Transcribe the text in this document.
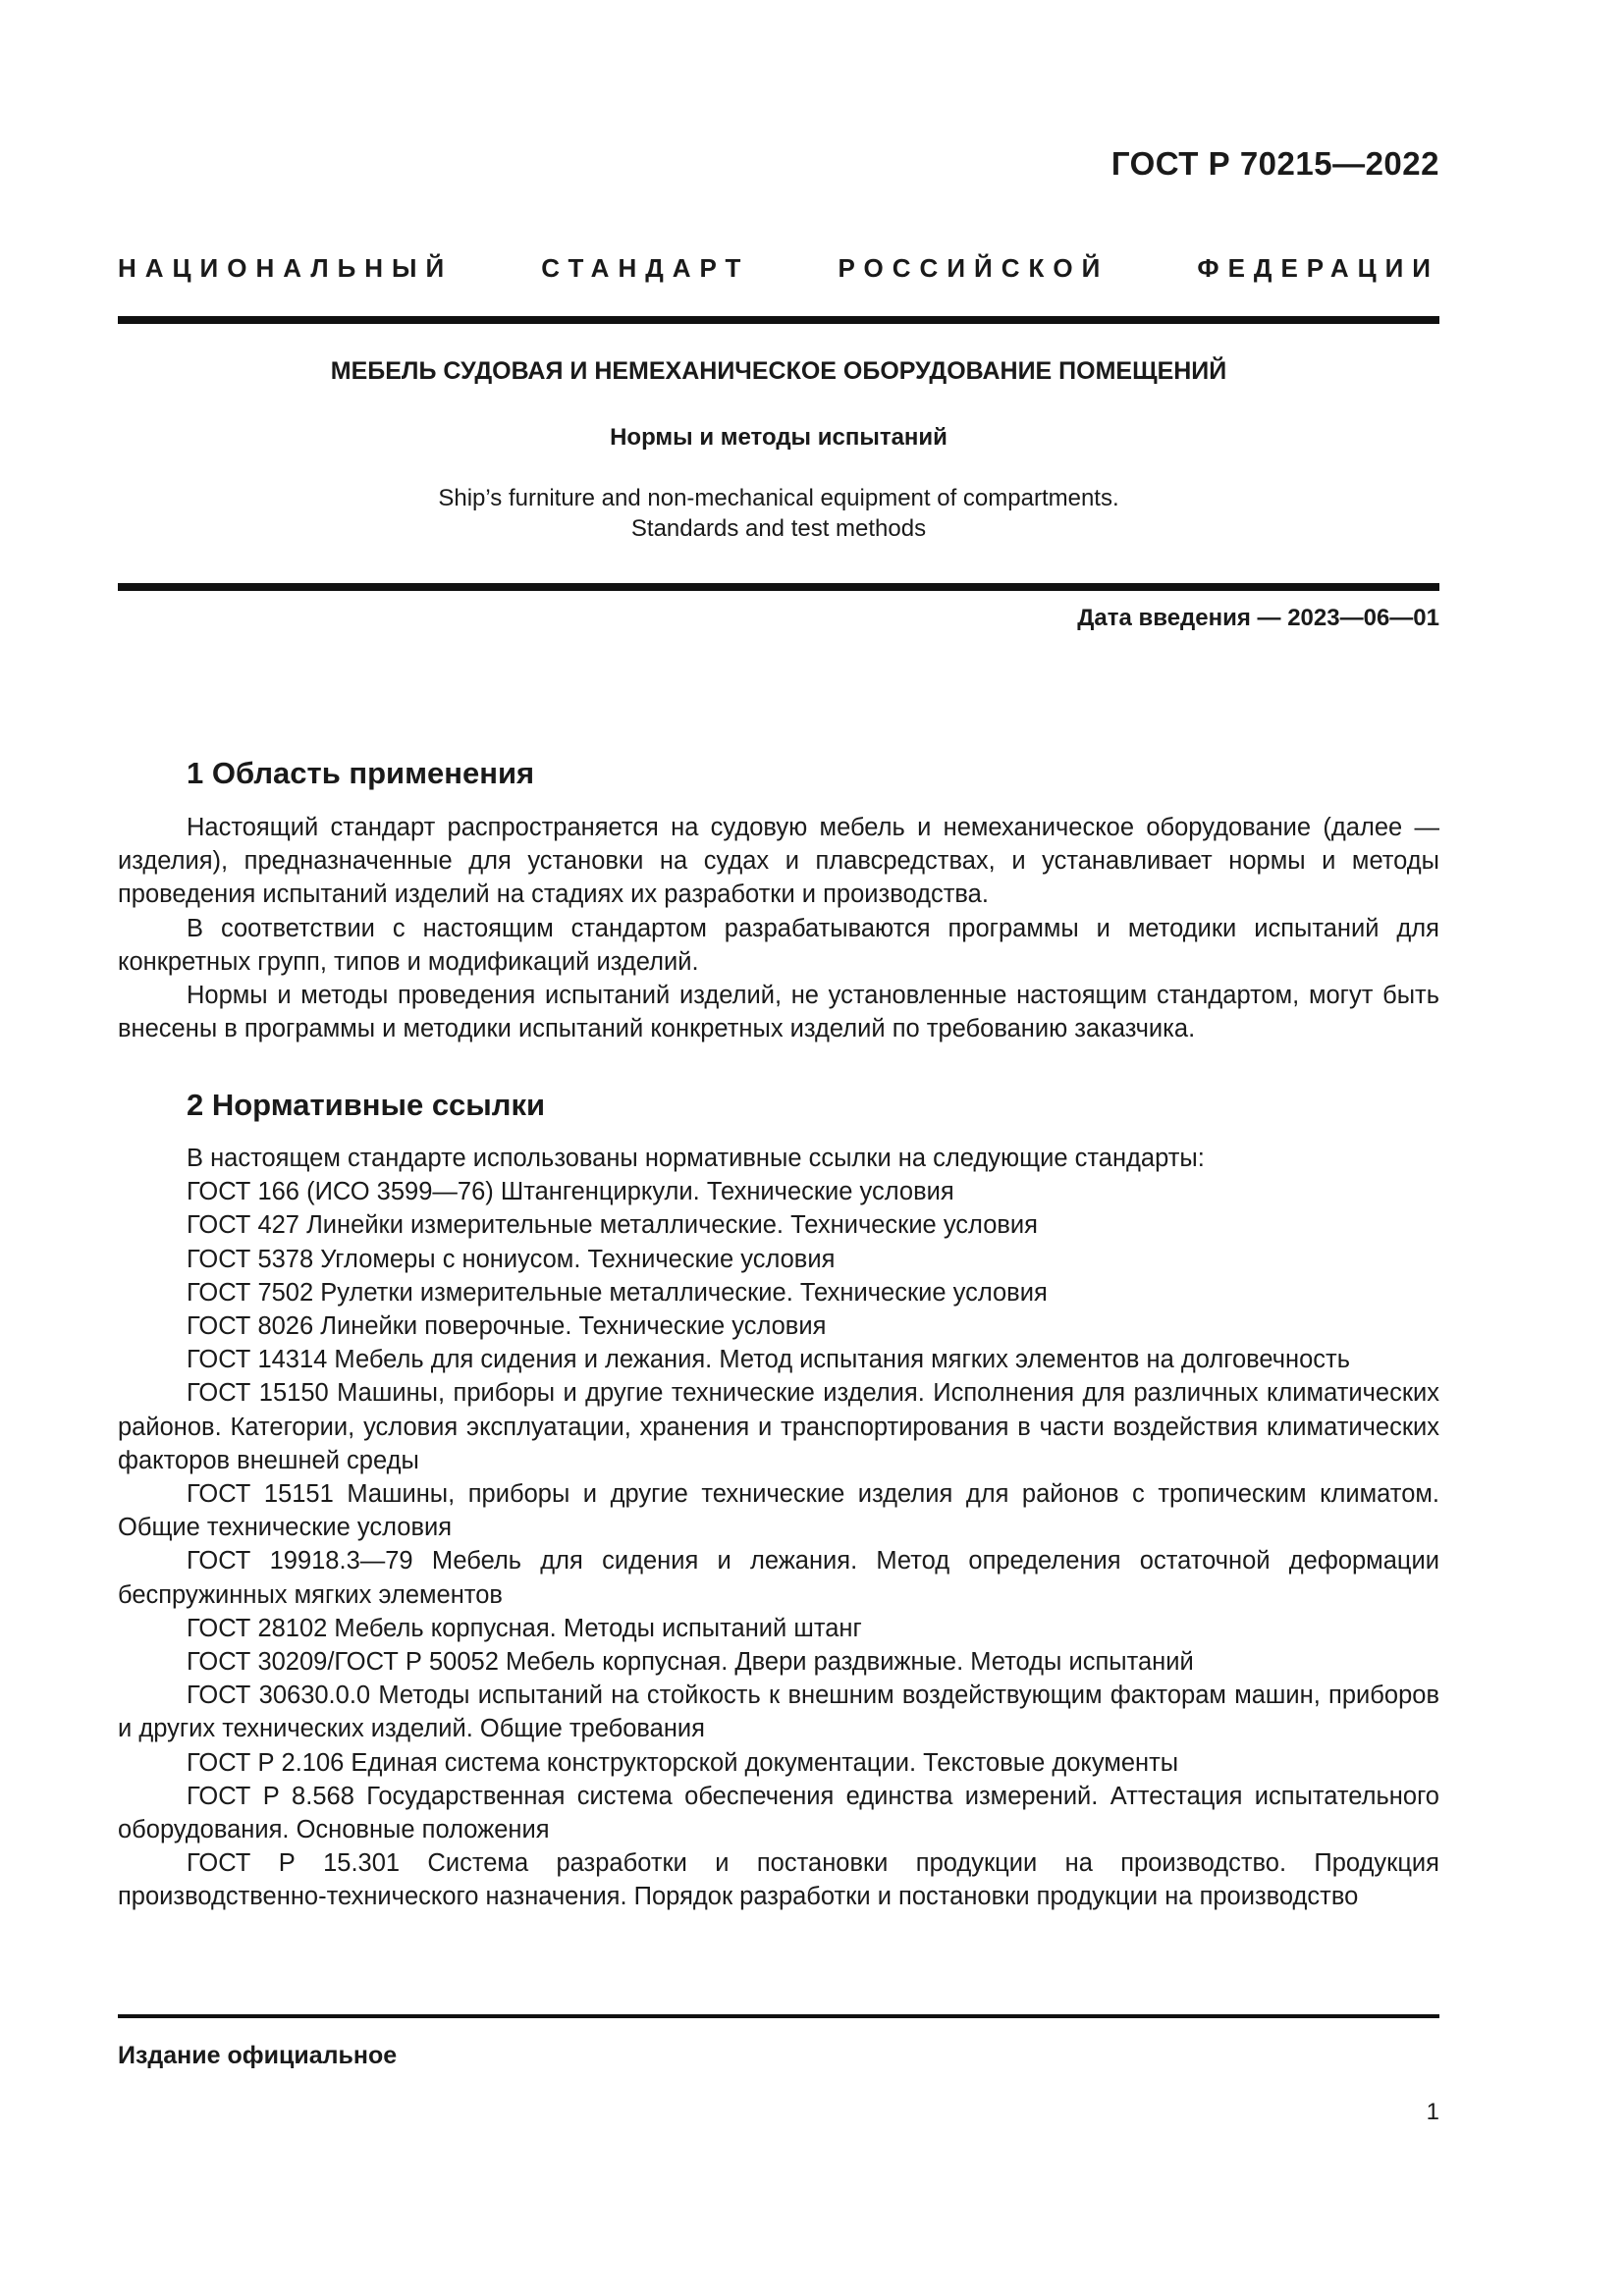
ГОСТ Р 70215—2022
НАЦИОНАЛЬНЫЙ СТАНДАРТ РОССИЙСКОЙ ФЕДЕРАЦИИ
МЕБЕЛЬ СУДОВАЯ И НЕМЕХАНИЧЕСКОЕ ОБОРУДОВАНИЕ ПОМЕЩЕНИЙ
Нормы и методы испытаний
Ship’s furniture and non-mechanical equipment of compartments.
Standards and test methods
Дата введения — 2023—06—01
1 Область применения

Настоящий стандарт распространяется на судовую мебель и немеханическое оборудование (далее — изделия), предназначенные для установки на судах и плавсредствах, и устанавливает нормы и методы проведения испытаний изделий на стадиях их разработки и производства.

В соответствии с настоящим стандартом разрабатываются программы и методики испытаний для конкретных групп, типов и модификаций изделий.

Нормы и методы проведения испытаний изделий, не установленные настоящим стандартом, могут быть внесены в программы и методики испытаний конкретных изделий по требованию заказчика.

2 Нормативные ссылки

В настоящем стандарте использованы нормативные ссылки на следующие стандарты:

ГОСТ 166 (ИСО 3599—76) Штангенциркули. Технические условия

ГОСТ 427 Линейки измерительные металлические. Технические условия

ГОСТ 5378 Угломеры с нониусом. Технические условия

ГОСТ 7502 Рулетки измерительные металлические. Технические условия

ГОСТ 8026 Линейки поверочные. Технические условия

ГОСТ 14314 Мебель для сидения и лежания. Метод испытания мягких элементов на долговечность

ГОСТ 15150 Машины, приборы и другие технические изделия. Исполнения для различных климатических районов. Категории, условия эксплуатации, хранения и транспортирования в части воздействия климатических факторов внешней среды

ГОСТ 15151 Машины, приборы и другие технические изделия для районов с тропическим климатом. Общие технические условия

ГОСТ 19918.3—79 Мебель для сидения и лежания. Метод определения остаточной деформации беспружинных мягких элементов

ГОСТ 28102 Мебель корпусная. Методы испытаний штанг

ГОСТ 30209/ГОСТ Р 50052 Мебель корпусная. Двери раздвижные. Методы испытаний

ГОСТ 30630.0.0 Методы испытаний на стойкость к внешним воздействующим факторам машин, приборов и других технических изделий. Общие требования

ГОСТ Р 2.106 Единая система конструкторской документации. Текстовые документы

ГОСТ Р 8.568 Государственная система обеспечения единства измерений. Аттестация испытательного оборудования. Основные положения

ГОСТ Р 15.301 Система разработки и постановки продукции на производство. Продукция производственно-технического назначения. Порядок разработки и постановки продукции на производство

Издание официальное
1
